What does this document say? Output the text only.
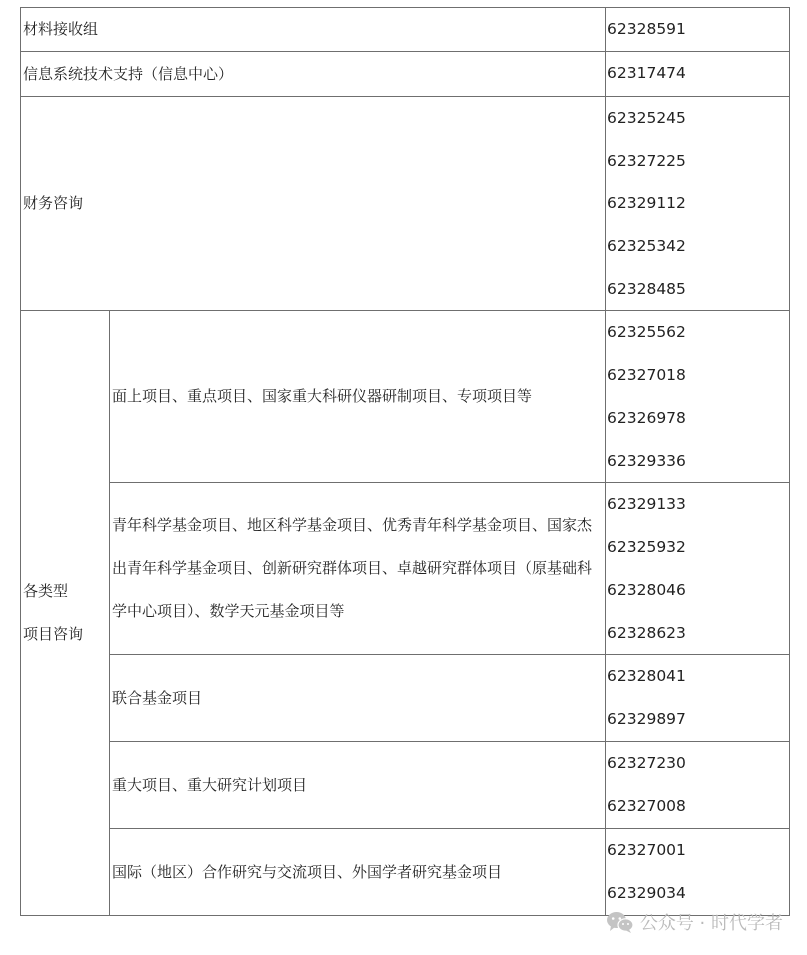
材料接收组		62328591

信息系统技术支持（信息中心）		62317474

财务咨询		62325245
62327225
62329112
62325342
62328485

各类型
项目咨询	面上项目、重点项目、国家重大科研仪器研制项目、专项项目等	62325562
62327018
62326978
62329336

	青年科学基金项目、地区科学基金项目、优秀青年科学基金项目、国家杰出青年科学基金项目、创新研究群体项目、卓越研究群体项目（原基础科学中心项目）、数学天元基金项目等	62329133
62325932
62328046
62328623

	联合基金项目	62328041
62329897

	重大项目、重大研究计划项目	62327230
62327008

	国际（地区）合作研究与交流项目、外国学者研究基金项目	62327001
62329034
公众号 · 时代学者
